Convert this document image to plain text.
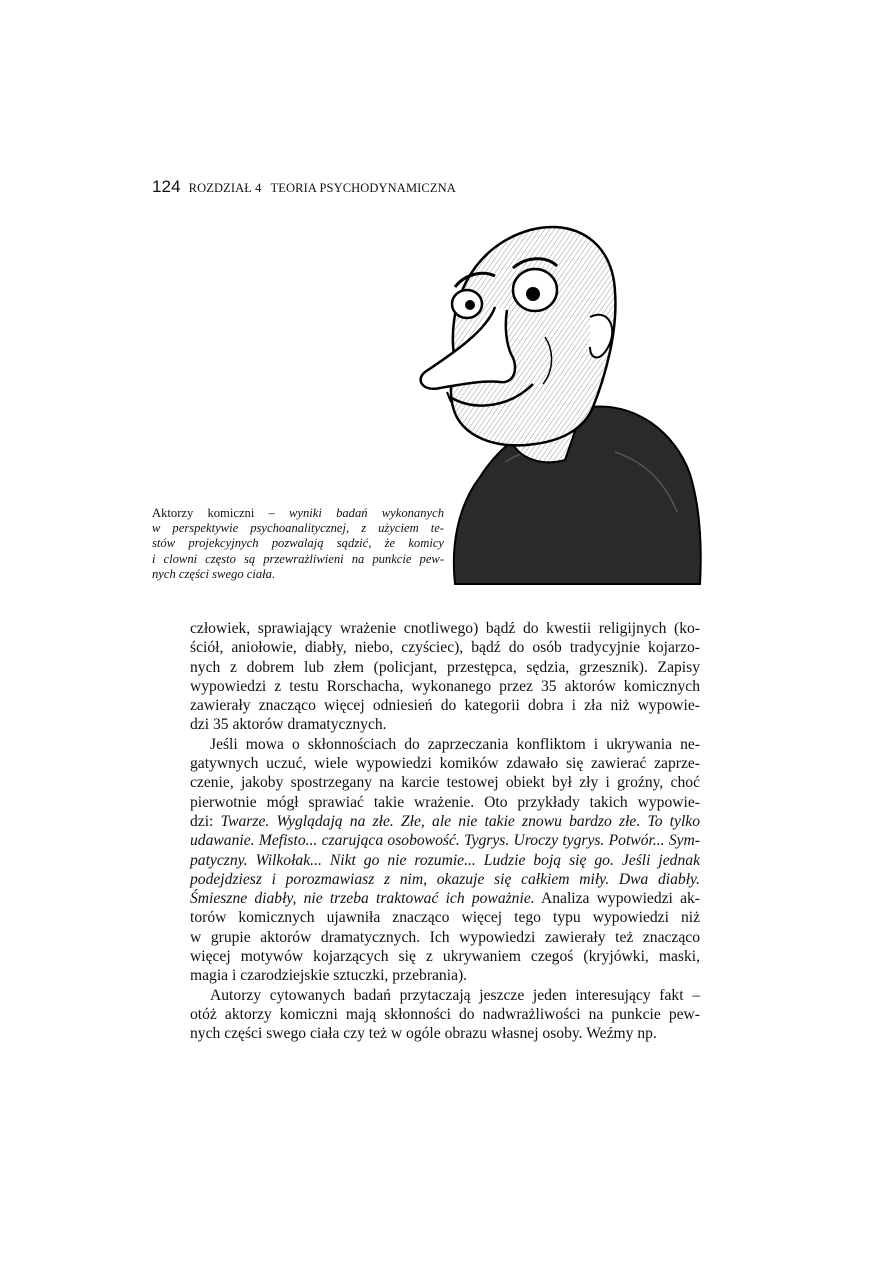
124 ROZDZIAŁ 4 TEORIA PSYCHODYNAMICZNA
Aktorzy komiczni – wyniki badań wykonanych
w perspektywie psychoanalitycznej, z użyciem te-
stów projekcyjnych pozwalają sądzić, że komicy
i clowni często są przewrażliwieni na punkcie pew-
nych części swego ciała.
człowiek, sprawiający wrażenie cnotliwego) bądź do kwestii religijnych (ko-
ściół, aniołowie, diabły, niebo, czyściec), bądź do osób tradycyjnie kojarzo-
nych z dobrem lub złem (policjant, przestępca, sędzia, grzesznik). Zapisy
wypowiedzi z testu Rorschacha, wykonanego przez 35 aktorów komicznych
zawierały znacząco więcej odniesień do kategorii dobra i zła niż wypowie-
dzi 35 aktorów dramatycznych.
Jeśli mowa o skłonnościach do zaprzeczania konfliktom i ukrywania ne-
gatywnych uczuć, wiele wypowiedzi komików zdawało się zawierać zaprze-
czenie, jakoby spostrzegany na karcie testowej obiekt był zły i groźny, choć
pierwotnie mógł sprawiać takie wrażenie. Oto przykłady takich wypowie-
dzi: Twarze. Wyglądają na złe. Złe, ale nie takie znowu bardzo złe. To tylko
udawanie. Mefisto... czarująca osobowość. Tygrys. Uroczy tygrys. Potwór... Sym-
patyczny. Wilkołak... Nikt go nie rozumie... Ludzie boją się go. Jeśli jednak
podejdziesz i porozmawiasz z nim, okazuje się całkiem miły. Dwa diabły.
Śmieszne diabły, nie trzeba traktować ich poważnie. Analiza wypowiedzi ak-
torów komicznych ujawniła znacząco więcej tego typu wypowiedzi niż
w grupie aktorów dramatycznych. Ich wypowiedzi zawierały też znacząco
więcej motywów kojarzących się z ukrywaniem czegoś (kryjówki, maski,
magia i czarodziejskie sztuczki, przebrania).
Autorzy cytowanych badań przytaczają jeszcze jeden interesujący fakt –
otóż aktorzy komiczni mają skłonności do nadwrażliwości na punkcie pew-
nych części swego ciała czy też w ogóle obrazu własnej osoby. Weźmy np.
